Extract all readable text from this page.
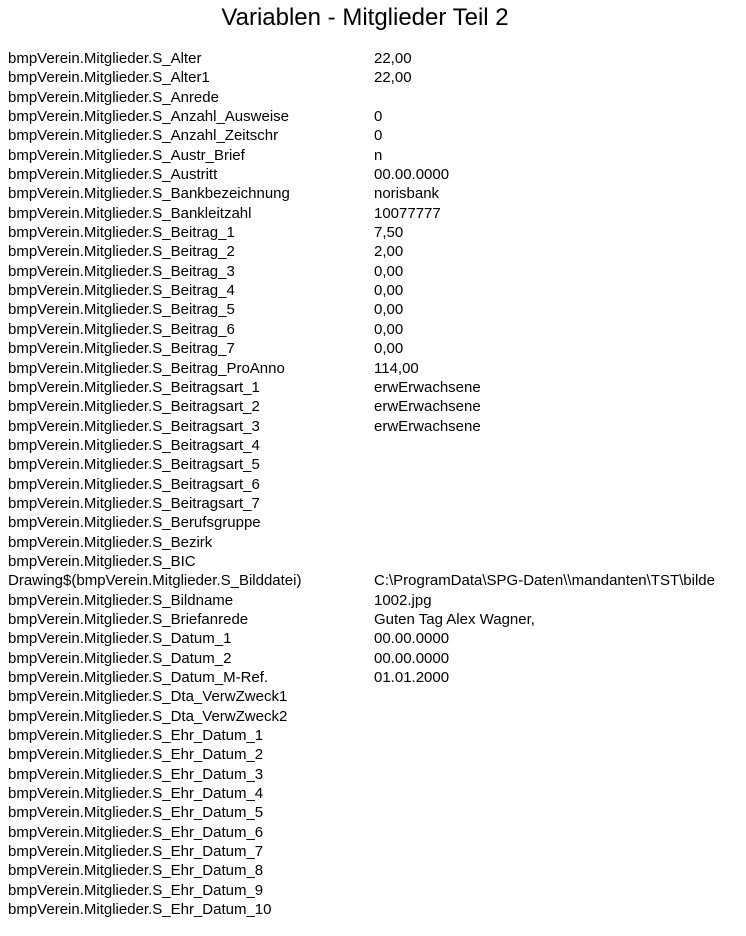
Variablen - Mitglieder Teil 2
bmpVerein.Mitglieder.S_Alter	22,00
bmpVerein.Mitglieder.S_Alter1	22,00
bmpVerein.Mitglieder.S_Anrede
bmpVerein.Mitglieder.S_Anzahl_Ausweise	0
bmpVerein.Mitglieder.S_Anzahl_Zeitschr	0
bmpVerein.Mitglieder.S_Austr_Brief	n
bmpVerein.Mitglieder.S_Austritt	00.00.0000
bmpVerein.Mitglieder.S_Bankbezeichnung	norisbank
bmpVerein.Mitglieder.S_Bankleitzahl	10077777
bmpVerein.Mitglieder.S_Beitrag_1	7,50
bmpVerein.Mitglieder.S_Beitrag_2	2,00
bmpVerein.Mitglieder.S_Beitrag_3	0,00
bmpVerein.Mitglieder.S_Beitrag_4	0,00
bmpVerein.Mitglieder.S_Beitrag_5	0,00
bmpVerein.Mitglieder.S_Beitrag_6	0,00
bmpVerein.Mitglieder.S_Beitrag_7	0,00
bmpVerein.Mitglieder.S_Beitrag_ProAnno	114,00
bmpVerein.Mitglieder.S_Beitragsart_1	erwErwachsene
bmpVerein.Mitglieder.S_Beitragsart_2	erwErwachsene
bmpVerein.Mitglieder.S_Beitragsart_3	erwErwachsene
bmpVerein.Mitglieder.S_Beitragsart_4
bmpVerein.Mitglieder.S_Beitragsart_5
bmpVerein.Mitglieder.S_Beitragsart_6
bmpVerein.Mitglieder.S_Beitragsart_7
bmpVerein.Mitglieder.S_Berufsgruppe
bmpVerein.Mitglieder.S_Bezirk
bmpVerein.Mitglieder.S_BIC
Drawing$(bmpVerein.Mitglieder.S_Bilddatei)	C:\ProgramData\SPG-Daten\\mandanten\TST\bilde
bmpVerein.Mitglieder.S_Bildname	1002.jpg
bmpVerein.Mitglieder.S_Briefanrede	Guten Tag Alex Wagner,
bmpVerein.Mitglieder.S_Datum_1	00.00.0000
bmpVerein.Mitglieder.S_Datum_2	00.00.0000
bmpVerein.Mitglieder.S_Datum_M-Ref.	01.01.2000
bmpVerein.Mitglieder.S_Dta_VerwZweck1
bmpVerein.Mitglieder.S_Dta_VerwZweck2
bmpVerein.Mitglieder.S_Ehr_Datum_1
bmpVerein.Mitglieder.S_Ehr_Datum_2
bmpVerein.Mitglieder.S_Ehr_Datum_3
bmpVerein.Mitglieder.S_Ehr_Datum_4
bmpVerein.Mitglieder.S_Ehr_Datum_5
bmpVerein.Mitglieder.S_Ehr_Datum_6
bmpVerein.Mitglieder.S_Ehr_Datum_7
bmpVerein.Mitglieder.S_Ehr_Datum_8
bmpVerein.Mitglieder.S_Ehr_Datum_9
bmpVerein.Mitglieder.S_Ehr_Datum_10
